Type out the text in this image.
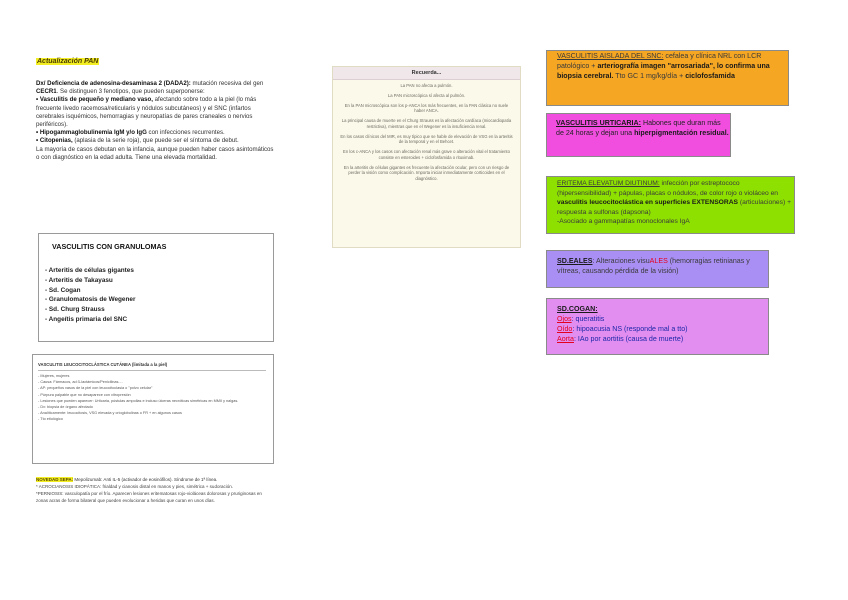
Actualización PAN

Dx/ Deficiencia de adenosina-desaminasa 2 (DADA2): mutación recesiva del gen CECR1. Se distinguen 3 fenotipos, que pueden superponerse:

• Vasculitis de pequeño y mediano vaso, afectando sobre todo a la piel (lo más frecuente livedo racemosa/reticularis y nódulos subcutáneos) y el SNC (infartos cerebrales isquémicos, hemorragias y neuropatías de pares craneales o nervios periféricos).

• Hipogammaglobulinemia IgM y/o IgG con infecciones recurrentes.

• Citopenias, (aplasia de la serie roja), que puede ser el síntoma de debut.

La mayoría de casos debutan en la infancia, aunque pueden haber casos asintomáticos o con diagnóstico en la edad adulta. Tiene una elevada mortalidad.

VASCULITIS CON GRANULOMAS
- Arteritis de células gigantes
- Arteritis de Takayasu
- Sd. Cogan
- Granulomatosis de Wegener
- Sd. Churg Strauss
- Angeítis primaria del SNC
VASCULITIS LEUCOCITOCLÁSTICA CUTÁNEA (limitada a la piel)
- Mujeres, mujeres
- Causa: Fármacos, ad ß-lactámicos/Penicilinas....
- AP: pequeños vasos de la piel con leucocitoclasia o "polvo celular"
- Púrpura palpable que no desaparece con vitropresión
- Lesiones que pueden aparecer: Urticaria, pústulas ampollas e incluso úlceras necróticas simétricas en MMII y nalgas.
- Dx: biopsia de órgano afectado
- Analíticamente: leucocitosis, VSG elevada y crioglobulinas o FR + en algunos casos
- Tto etiológico

NOVEDAD SEPA: Mepolizumab: Anti IL-5 (activador de eosinófilos). Síndrome de 1ª línea.

* ACROCIANOSIS IDIOPÁTICA: frialdad y cianosis distal en manos y pies, simétrica + sudoración.

*PERNIOSIS: vasculopatía por el frío. Aparecen lesiones eritematosas rojo-violáceas dolorosas y pruriginosas en zonas acras de forma bilateral que pueden evolucionar a heridas que curan en unos días.

Recuerda...

La PAN no afecta a pulmón.

La PAN microscópica sí afecta al pulmón.

En la PAN microscópica son los p-ANCA los más frecuentes, en la PAN clásica no suele haber ANCA.

La principal causa de muerte en el Churg Strauss es la afectación cardíaca (miocardiopatía restrictiva), mientras que en el Wegener es la insuficiencia renal.

En los casos clínicos del MIR, es muy típico que se hable de elevación de VSG en la arteritis de la temporal y en el Behcet.

En los c-ANCA y los casos con afectación renal más grave o alteración vital el tratamiento consiste en esteroides + ciclofosfamida o rituximab.

En la arteritis de células gigantes es frecuente la afectación ocular, pero con un riesgo de perder la visión como complicación. Importa iniciar inmediatamente corticoides en el diagnóstico.

VASCULITIS AISLADA DEL SNC: cefalea y clínica NRL con LCR patológico + arteriografía imagen "arrosariada", lo confirma una biopsia cerebral. Tto GC 1 mg/kg/día + ciclofosfamida

VASCULITIS URTICARIA: Habones que duran más de 24 horas y dejan una hiperpigmentación residual.

ERITEMA ELEVATUM DIUTINUM: infección por estreptococo (hipersensibilidad) + pápulas, placas o nódulos, de color rojo o violáceo en vasculitis leucocitoclástica en superficies EXTENSORAS (articulaciones) + respuesta a sulfonas (dapsona)

-Asociado a gammapatías monoclonales IgA

SD.EALES: Alteraciones visuALES (hemorragias retinianas y vítreas, causando pérdida de la visión)

SD.COGAN:

Ojos: queratitis

Oído: hipoacusia NS (responde mal a tto)

Aorta: IAo por aortitis (causa de muerte)
